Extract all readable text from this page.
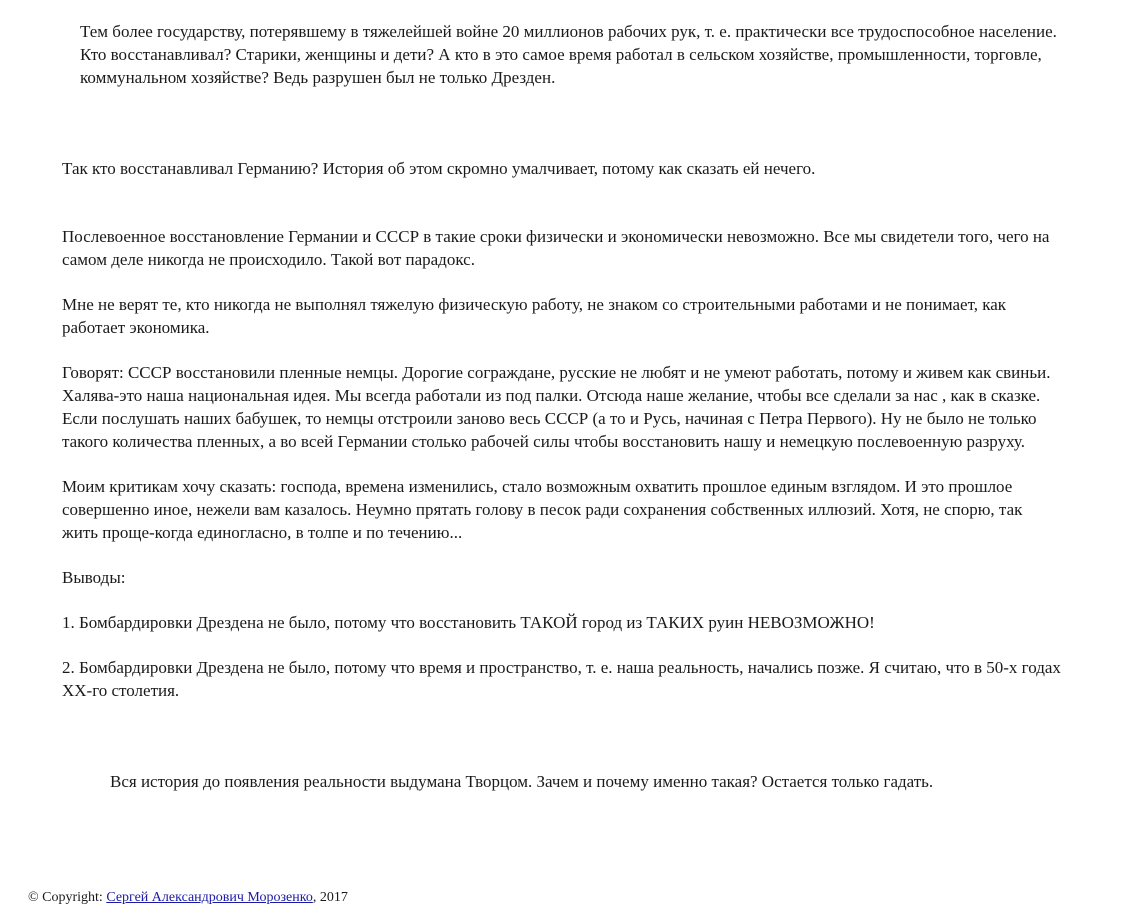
Тем более государству, потерявшему в тяжелейшей войне 20 миллионов рабочих рук, т. е. практически все трудоспособное население. Кто восстанавливал? Старики, женщины и дети? А кто в это самое время работал в сельском хозяйстве, промышленности, торговле, коммунальном хозяйстве? Ведь разрушен был не только Дрезден.

Так кто восстанавливал Германию? История об этом скромно умалчивает, потому как сказать ей нечего.

Послевоенное восстановление Германии и СССР в такие сроки физически и экономически невозможно. Все мы свидетели того, чего на самом деле никогда не происходило. Такой вот парадокс.

Мне не верят те, кто никогда не выполнял тяжелую физическую работу, не знаком со строительными работами и не понимает, как работает экономика.

Говорят: СССР восстановили пленные немцы. Дорогие сограждане, русские не любят и не умеют работать, потому и живем как свиньи. Халява-это наша национальная идея. Мы всегда работали из под палки. Отсюда наше желание, чтобы все сделали за нас , как в сказке. Если послушать наших бабушек, то немцы отстроили заново весь СССР (а то и Русь, начиная с Петра Первого). Ну не было не только такого количества пленных, а во всей Германии столько рабочей силы чтобы восстановить нашу и немецкую послевоенную разруху.

Моим критикам хочу сказать: господа, времена изменились, стало возможным охватить прошлое единым взглядом. И это прошлое совершенно иное, нежели вам казалось. Неумно прятать голову в песок ради сохранения собственных иллюзий. Хотя, не спорю, так жить проще-когда единогласно, в толпе и по течению...

Выводы:

1. Бомбардировки Дрездена не было, потому что восстановить ТАКОЙ город из ТАКИХ руин НЕВОЗМОЖНО!

2. Бомбардировки Дрездена не было, потому что время и пространство, т. е. наша реальность, начались позже. Я считаю, что в 50-х годах ХХ-го столетия.

Вся история до появления реальности выдумана Творцом. Зачем и почему именно такая? Остается только гадать.

© Copyright: Сергей Александрович Морозенко, 2017
